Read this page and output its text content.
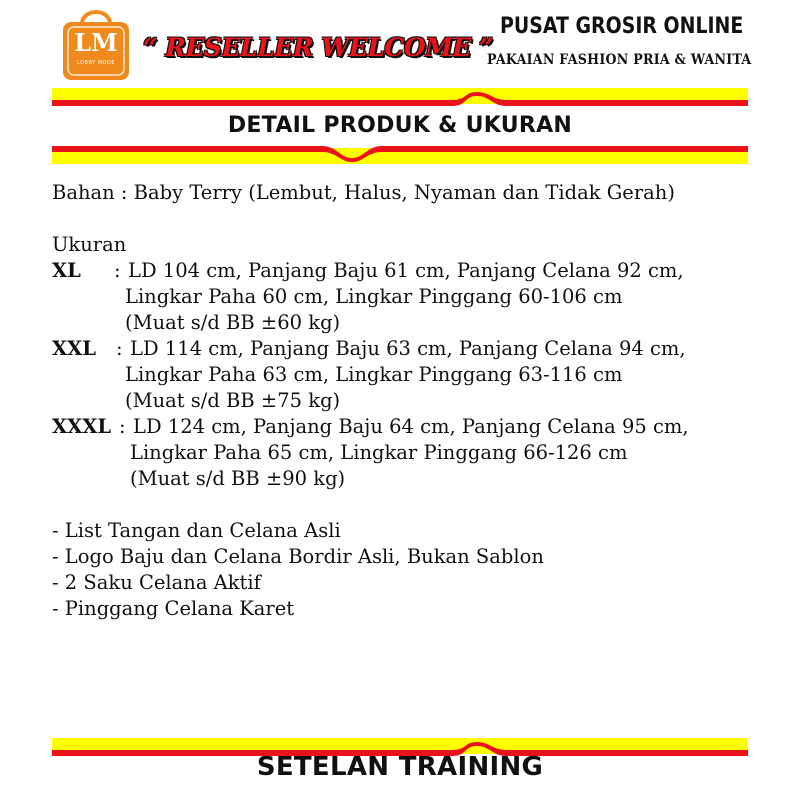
LM
LOBBY MODE
“ RESELLER WELCOME ”
PUSAT GROSIR ONLINE
PAKAIAN FASHION PRIA & WANITA
DETAIL PRODUK & UKURAN
Bahan : Baby Terry (Lembut, Halus, Nyaman dan Tidak Gerah)
Ukuran
XL : LD 104 cm, Panjang Baju 61 cm, Panjang Celana 92 cm,
Lingkar Paha 60 cm, Lingkar Pinggang 60-106 cm
(Muat s/d BB ±60 kg)
XXL : LD 114 cm, Panjang Baju 63 cm, Panjang Celana 94 cm,
Lingkar Paha 63 cm, Lingkar Pinggang 63-116 cm
(Muat s/d BB ±75 kg)
XXXL : LD 124 cm, Panjang Baju 64 cm, Panjang Celana 95 cm,
Lingkar Paha 65 cm, Lingkar Pinggang 66-126 cm
(Muat s/d BB ±90 kg)
- List Tangan dan Celana Asli
- Logo Baju dan Celana Bordir Asli, Bukan Sablon
- 2 Saku Celana Aktif
- Pinggang Celana Karet
SETELAN TRAINING
